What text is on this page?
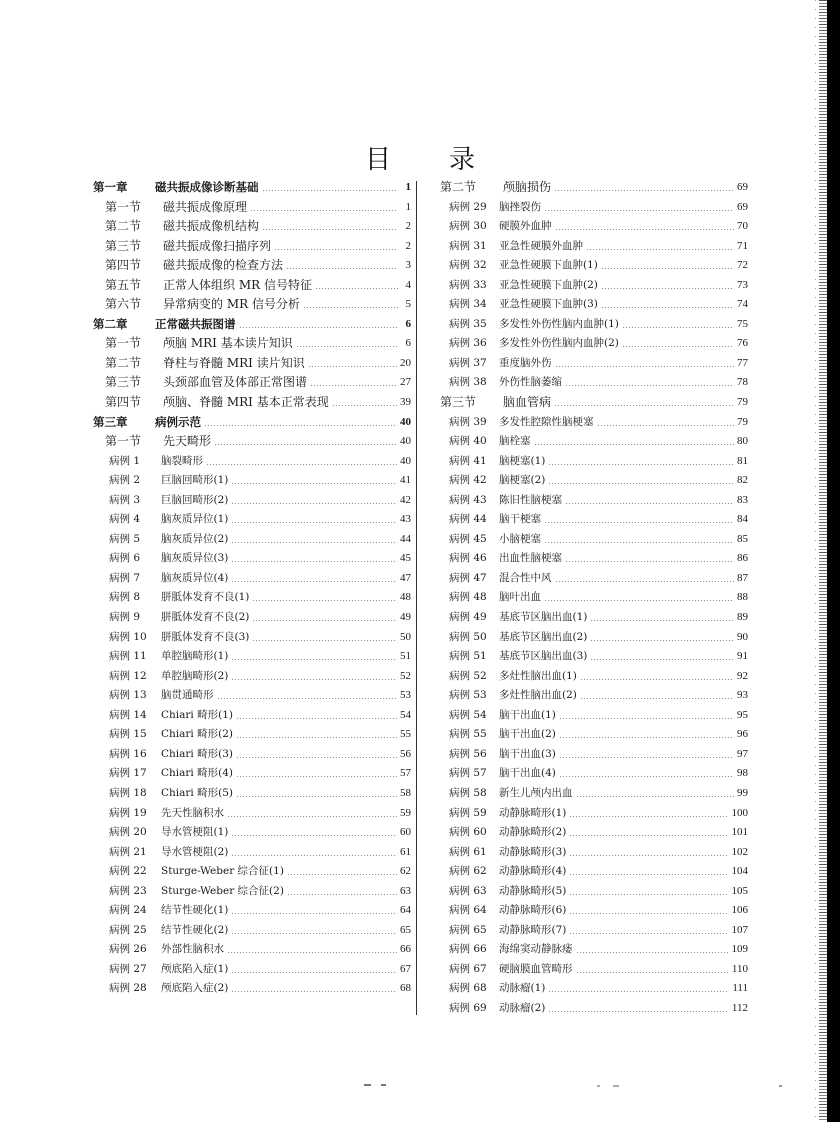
目录
第一章	磁共振成像诊断基础	1
第一节	磁共振成像原理	1
第二节	磁共振成像机结构	2
第三节	磁共振成像扫描序列	2
第四节	磁共振成像的检查方法	3
第五节	正常人体组织 MR 信号特征	4
第六节	异常病变的 MR 信号分析	5
第二章	正常磁共振图谱	6
第一节	颅脑 MRI 基本读片知识	6
第二节	脊柱与脊髓 MRI 读片知识	20
第三节	头颈部血管及体部正常图谱	27
第四节	颅脑、脊髓 MRI 基本正常表现	39
第三章	病例示范	40
第一节	先天畸形	40
病例 1	脑裂畸形	40
病例 2	巨脑回畸形(1)	41
病例 3	巨脑回畸形(2)	42
病例 4	脑灰质异位(1)	43
病例 5	脑灰质异位(2)	44
病例 6	脑灰质异位(3)	45
病例 7	脑灰质异位(4)	47
病例 8	胼胝体发育不良(1)	48
病例 9	胼胝体发育不良(2)	49
病例 10	胼胝体发育不良(3)	50
病例 11	单腔脑畸形(1)	51
病例 12	单腔脑畸形(2)	52
病例 13	脑贯通畸形	53
病例 14	Chiari 畸形(1)	54
病例 15	Chiari 畸形(2)	55
病例 16	Chiari 畸形(3)	56
病例 17	Chiari 畸形(4)	57
病例 18	Chiari 畸形(5)	58
病例 19	先天性脑积水	59
病例 20	导水管梗阻(1)	60
病例 21	导水管梗阻(2)	61
病例 22	Sturge-Weber 综合征(1)	62
病例 23	Sturge-Weber 综合征(2)	63
病例 24	结节性硬化(1)	64
病例 25	结节性硬化(2)	65
病例 26	外部性脑积水	66
病例 27	颅底陷入症(1)	67
病例 28	颅底陷入症(2)	68
第二节	颅脑损伤	69
病例 29	脑挫裂伤	69
病例 30	硬膜外血肿	70
病例 31	亚急性硬膜外血肿	71
病例 32	亚急性硬膜下血肿(1)	72
病例 33	亚急性硬膜下血肿(2)	73
病例 34	亚急性硬膜下血肿(3)	74
病例 35	多发性外伤性脑内血肿(1)	75
病例 36	多发性外伤性脑内血肿(2)	76
病例 37	重度脑外伤	77
病例 38	外伤性脑萎缩	78
第三节	脑血管病	79
病例 39	多发性腔隙性脑梗塞	79
病例 40	脑栓塞	80
病例 41	脑梗塞(1)	81
病例 42	脑梗塞(2)	82
病例 43	陈旧性脑梗塞	83
病例 44	脑干梗塞	84
病例 45	小脑梗塞	85
病例 46	出血性脑梗塞	86
病例 47	混合性中风	87
病例 48	脑叶出血	88
病例 49	基底节区脑出血(1)	89
病例 50	基底节区脑出血(2)	90
病例 51	基底节区脑出血(3)	91
病例 52	多灶性脑出血(1)	92
病例 53	多灶性脑出血(2)	93
病例 54	脑干出血(1)	95
病例 55	脑干出血(2)	96
病例 56	脑干出血(3)	97
病例 57	脑干出血(4)	98
病例 58	新生儿颅内出血	99
病例 59	动静脉畸形(1)	100
病例 60	动静脉畸形(2)	101
病例 61	动静脉畸形(3)	102
病例 62	动静脉畸形(4)	104
病例 63	动静脉畸形(5)	105
病例 64	动静脉畸形(6)	106
病例 65	动静脉畸形(7)	107
病例 66	海绵窦动静脉瘘	109
病例 67	硬脑膜血管畸形	110
病例 68	动脉瘤(1)	111
病例 69	动脉瘤(2)	112
